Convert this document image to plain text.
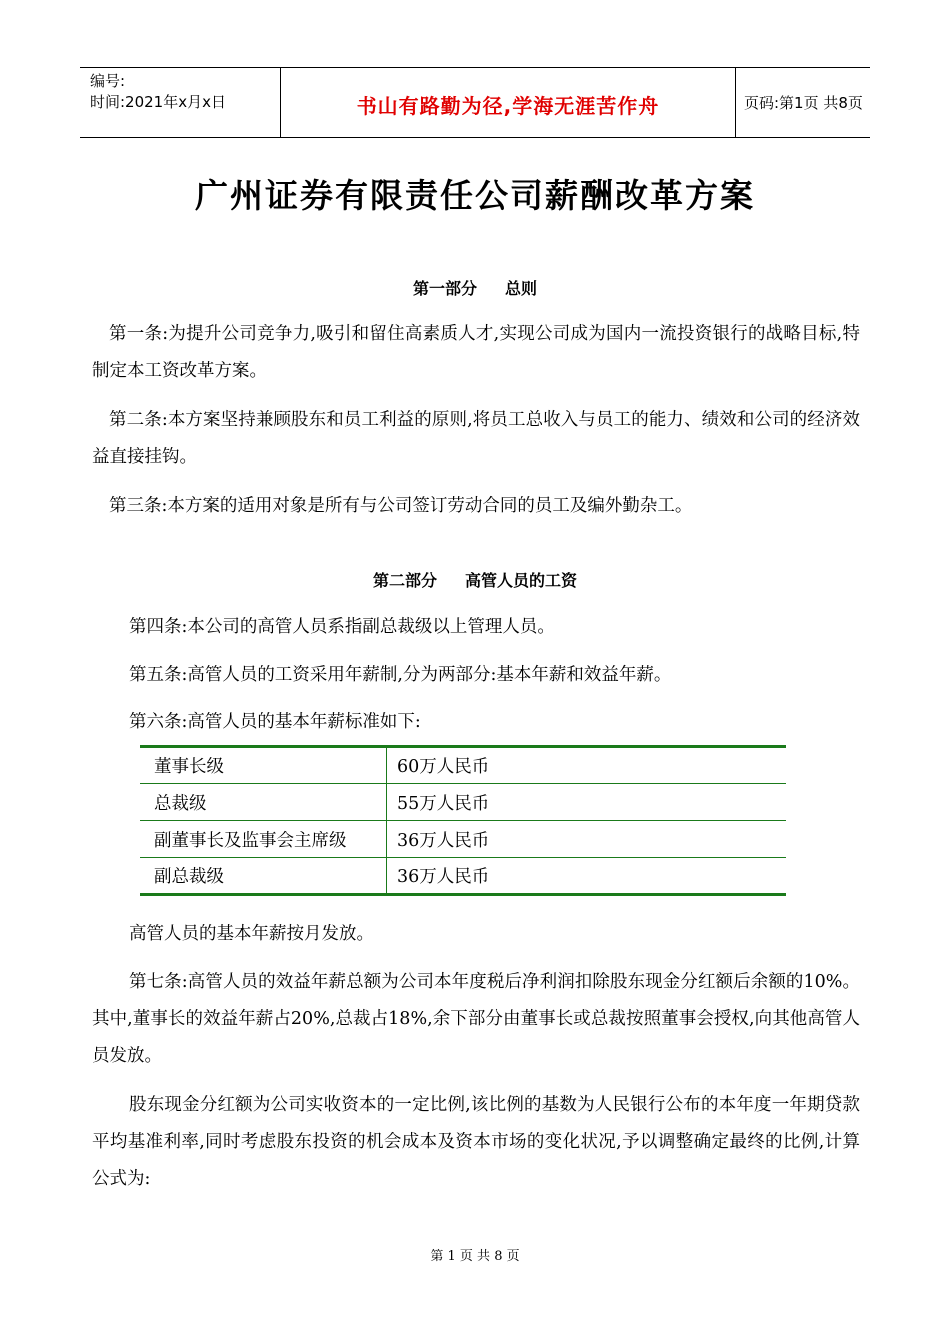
编号:
时间:2021年x月x日	书山有路勤为径,学海无涯苦作舟	页码:第1页 共8页
广州证券有限责任公司薪酬改革方案
第一部分 总则
第一条:为提升公司竞争力,吸引和留住高素质人才,实现公司成为国内一流投资银行的战略目标,特制定本工资改革方案。
第二条:本方案坚持兼顾股东和员工利益的原则,将员工总收入与员工的能力、绩效和公司的经济效益直接挂钩。
第三条:本方案的适用对象是所有与公司签订劳动合同的员工及编外勤杂工。
第二部分 高管人员的工资
第四条:本公司的高管人员系指副总裁级以上管理人员。
第五条:高管人员的工资采用年薪制,分为两部分:基本年薪和效益年薪。
第六条:高管人员的基本年薪标准如下:
董事长级	60万人民币
总裁级	55万人民币
副董事长及监事会主席级	36万人民币
副总裁级	36万人民币
高管人员的基本年薪按月发放。
第七条:高管人员的效益年薪总额为公司本年度税后净利润扣除股东现金分红额后余额的10%。其中,董事长的效益年薪占20%,总裁占18%,余下部分由董事长或总裁按照董事会授权,向其他高管人员发放。
股东现金分红额为公司实收资本的一定比例,该比例的基数为人民银行公布的本年度一年期贷款平均基准利率,同时考虑股东投资的机会成本及资本市场的变化状况,予以调整确定最终的比例,计算公式为:
第 1 页 共 8 页
